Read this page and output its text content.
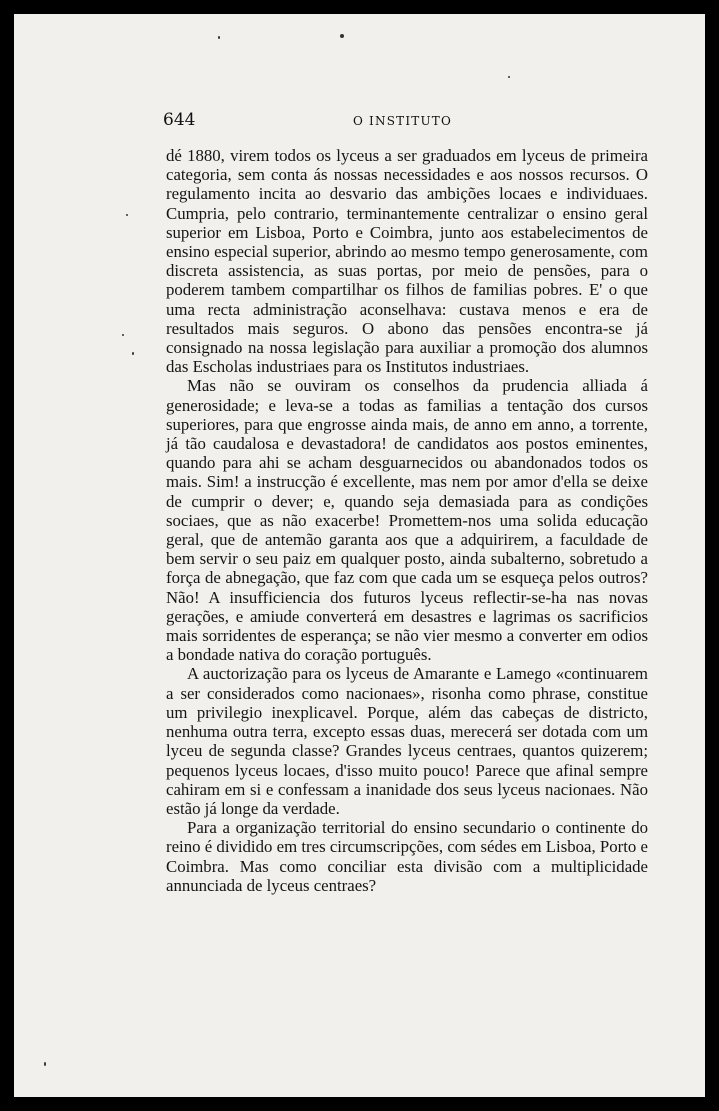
644	O INSTITUTO

dé 1880, virem todos os lyceus a ser graduados em lyceus de primeira categoria, sem conta ás nossas necessidades e aos nossos recursos. O regulamento incita ao desvario das ambições locaes e individuaes. Cumpria, pelo contrario, terminantemente centralizar o ensino geral superior em Lisboa, Porto e Coimbra, junto aos estabelecimentos de ensino especial superior, abrindo ao mesmo tempo generosamente, com discreta assistencia, as suas portas, por meio de pensões, para o poderem tambem compartilhar os filhos de familias pobres. E' o que uma recta administração aconselhava: custava menos e era de resultados mais seguros. O abono das pensões encontra-se já consignado na nossa legislação para auxiliar a promoção dos alumnos das Escholas industriaes para os Institutos industriaes.

Mas não se ouviram os conselhos da prudencia alliada á generosidade; e leva-se a todas as familias a tentação dos cursos superiores, para que engrosse ainda mais, de anno em anno, a torrente, já tão caudalosa e devastadora! de candidatos aos postos eminentes, quando para ahi se acham desguarnecidos ou abandonados todos os mais. Sim! a instrucção é excellente, mas nem por amor d'ella se deixe de cumprir o dever; e, quando seja demasiada para as condições sociaes, que as não exacerbe! Promettem-nos uma solida educação geral, que de antemão garanta aos que a adquirirem, a faculdade de bem servir o seu paiz em qualquer posto, ainda subalterno, sobretudo a força de abnegação, que faz com que cada um se esqueça pelos outros? Não! A insufficiencia dos futuros lyceus reflectir-se-ha nas novas gerações, e amiude converterá em desastres e lagrimas os sacrificios mais sorridentes de esperança; se não vier mesmo a converter em odios a bondade nativa do coração português.

A auctorização para os lyceus de Amarante e Lamego «continuarem a ser considerados como nacionaes», risonha como phrase, constitue um privilegio inexplicavel. Porque, além das cabeças de districto, nenhuma outra terra, excepto essas duas, merecerá ser dotada com um lyceu de segunda classe? Grandes lyceus centraes, quantos quizerem; pequenos lyceus locaes, d'isso muito pouco! Parece que afinal sempre cahiram em si e confessam a inanidade dos seus lyceus nacionaes. Não estão já longe da verdade.

Para a organização territorial do ensino secundario o continente do reino é dividido em tres circumscripções, com sédes em Lisboa, Porto e Coimbra. Mas como conciliar esta divisão com a multiplicidade annunciada de lyceus centraes?
